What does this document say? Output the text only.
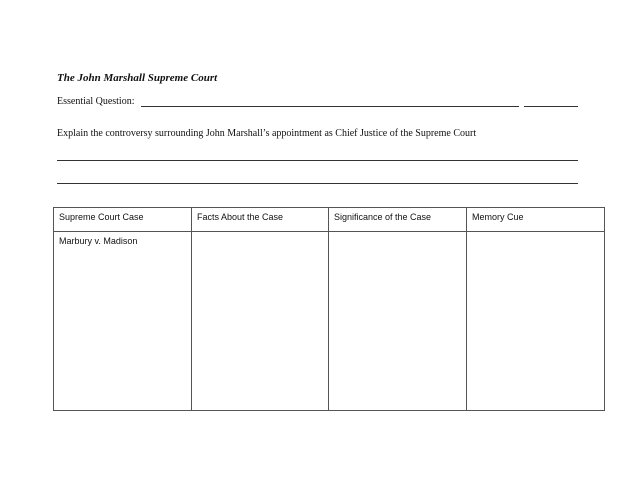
The John Marshall Supreme Court
Essential Question:
Explain the controversy surrounding John Marshall’s appointment as Chief Justice of the Supreme Court
Supreme Court Case	Facts About the Case	Significance of the Case	Memory Cue
Marbury v. Madison			
